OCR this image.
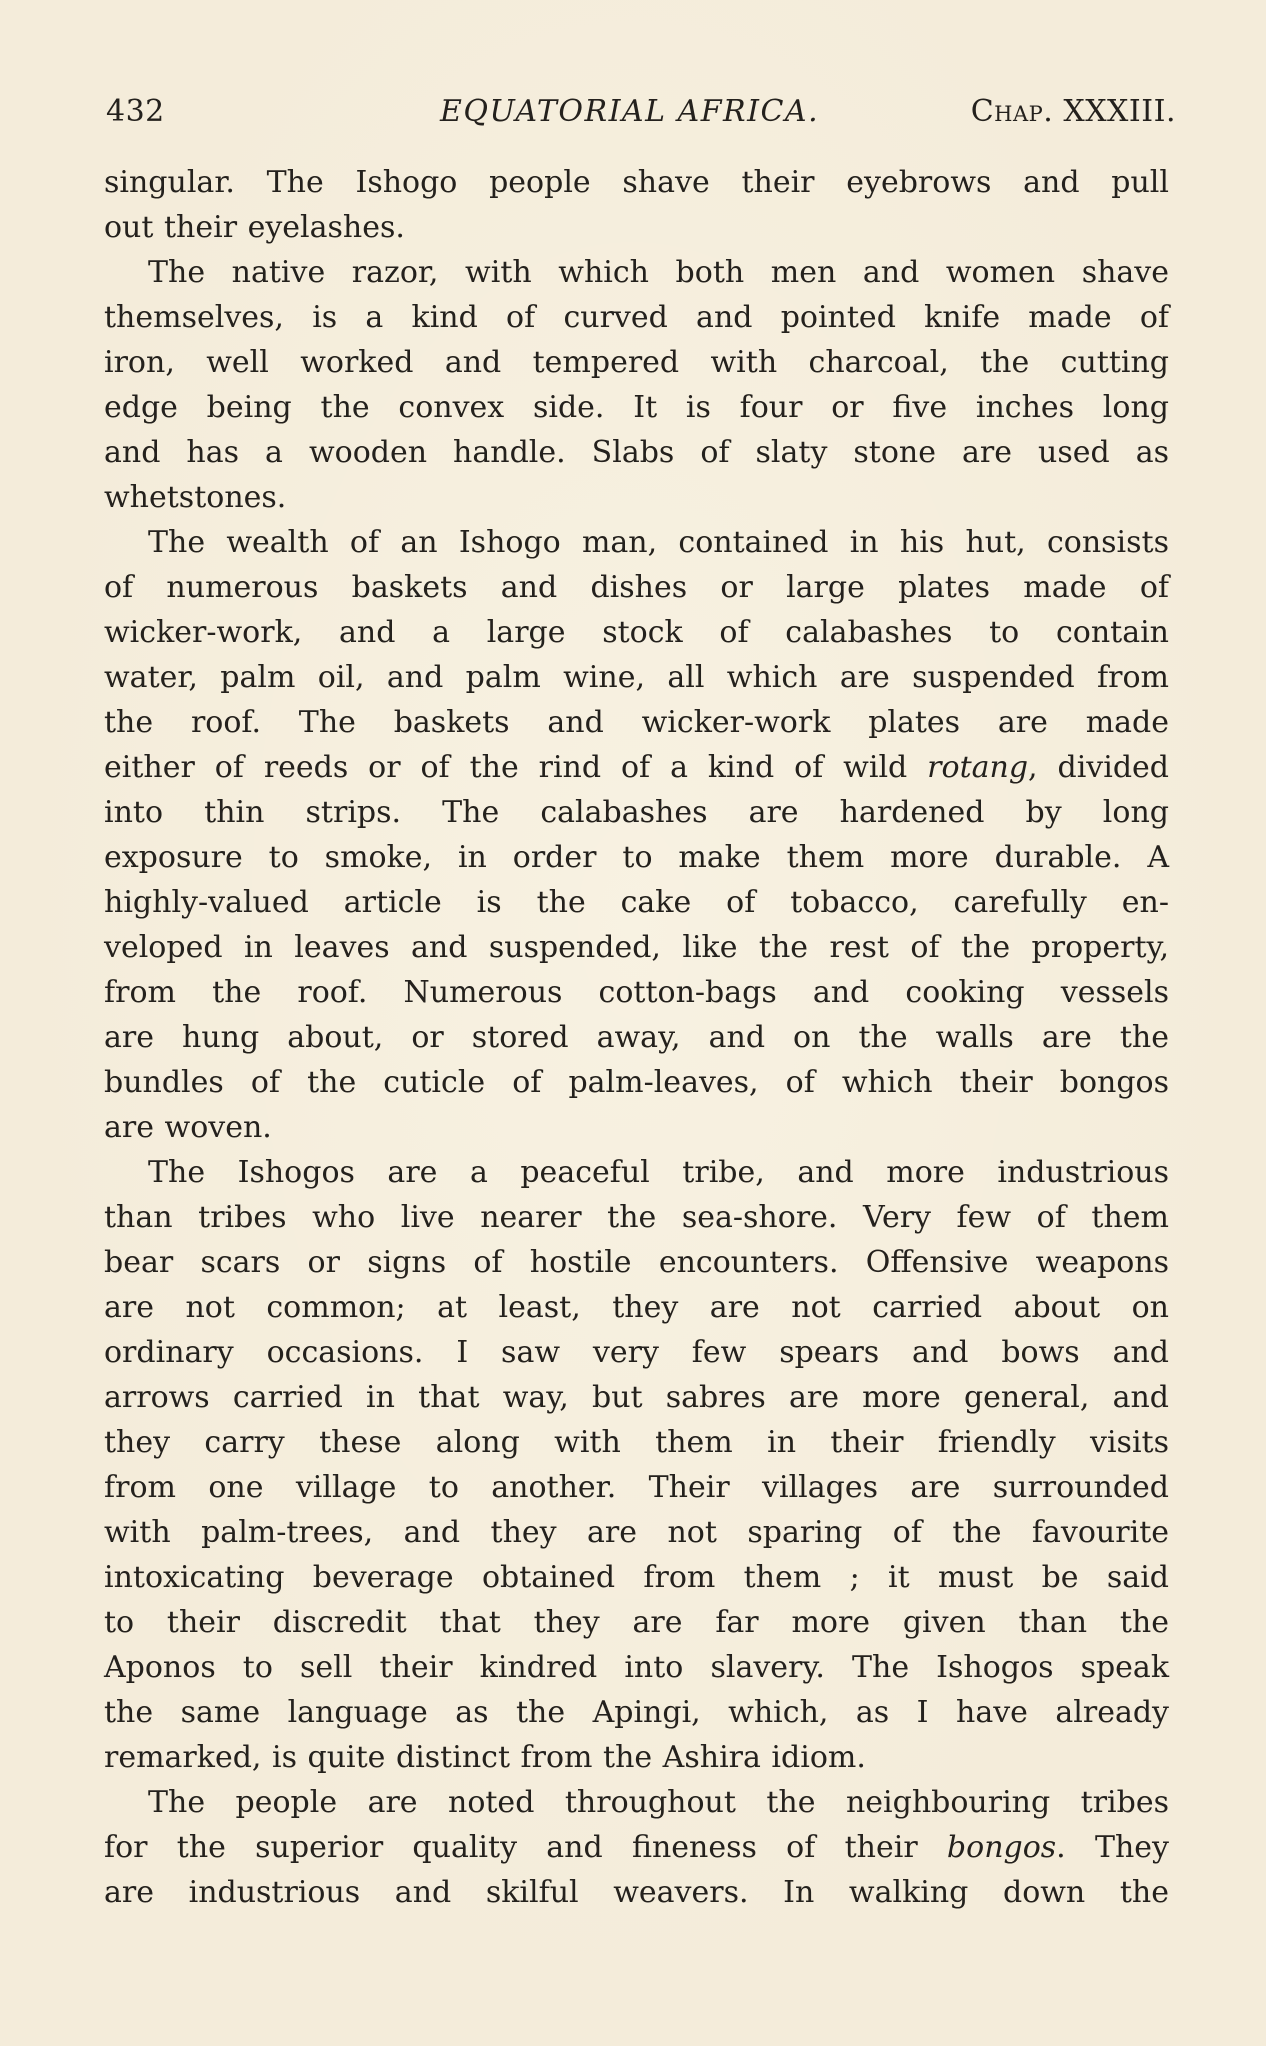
432	EQUATORIAL AFRICA.	Chap. XXXIII.
singular. The Ishogo people shave their eyebrows and pull
out their eyelashes.
The native razor, with which both men and women shave
themselves, is a kind of curved and pointed knife made of
iron, well worked and tempered with charcoal, the cutting
edge being the convex side. It is four or five inches long
and has a wooden handle. Slabs of slaty stone are used as
whetstones.
The wealth of an Ishogo man, contained in his hut, consists
of numerous baskets and dishes or large plates made of
wicker-work, and a large stock of calabashes to contain
water, palm oil, and palm wine, all which are suspended from
the roof. The baskets and wicker-work plates are made
either of reeds or of the rind of a kind of wild rotang, divided
into thin strips. The calabashes are hardened by long
exposure to smoke, in order to make them more durable. A
highly-valued article is the cake of tobacco, carefully en-
veloped in leaves and suspended, like the rest of the property,
from the roof. Numerous cotton-bags and cooking vessels
are hung about, or stored away, and on the walls are the
bundles of the cuticle of palm-leaves, of which their bongos
are woven.
The Ishogos are a peaceful tribe, and more industrious
than tribes who live nearer the sea-shore. Very few of them
bear scars or signs of hostile encounters. Offensive weapons
are not common; at least, they are not carried about on
ordinary occasions. I saw very few spears and bows and
arrows carried in that way, but sabres are more general, and
they carry these along with them in their friendly visits
from one village to another. Their villages are surrounded
with palm-trees, and they are not sparing of the favourite
intoxicating beverage obtained from them ; it must be said
to their discredit that they are far more given than the
Aponos to sell their kindred into slavery. The Ishogos speak
the same language as the Apingi, which, as I have already
remarked, is quite distinct from the Ashira idiom.
The people are noted throughout the neighbouring tribes
for the superior quality and fineness of their bongos. They
are industrious and skilful weavers. In walking down the
